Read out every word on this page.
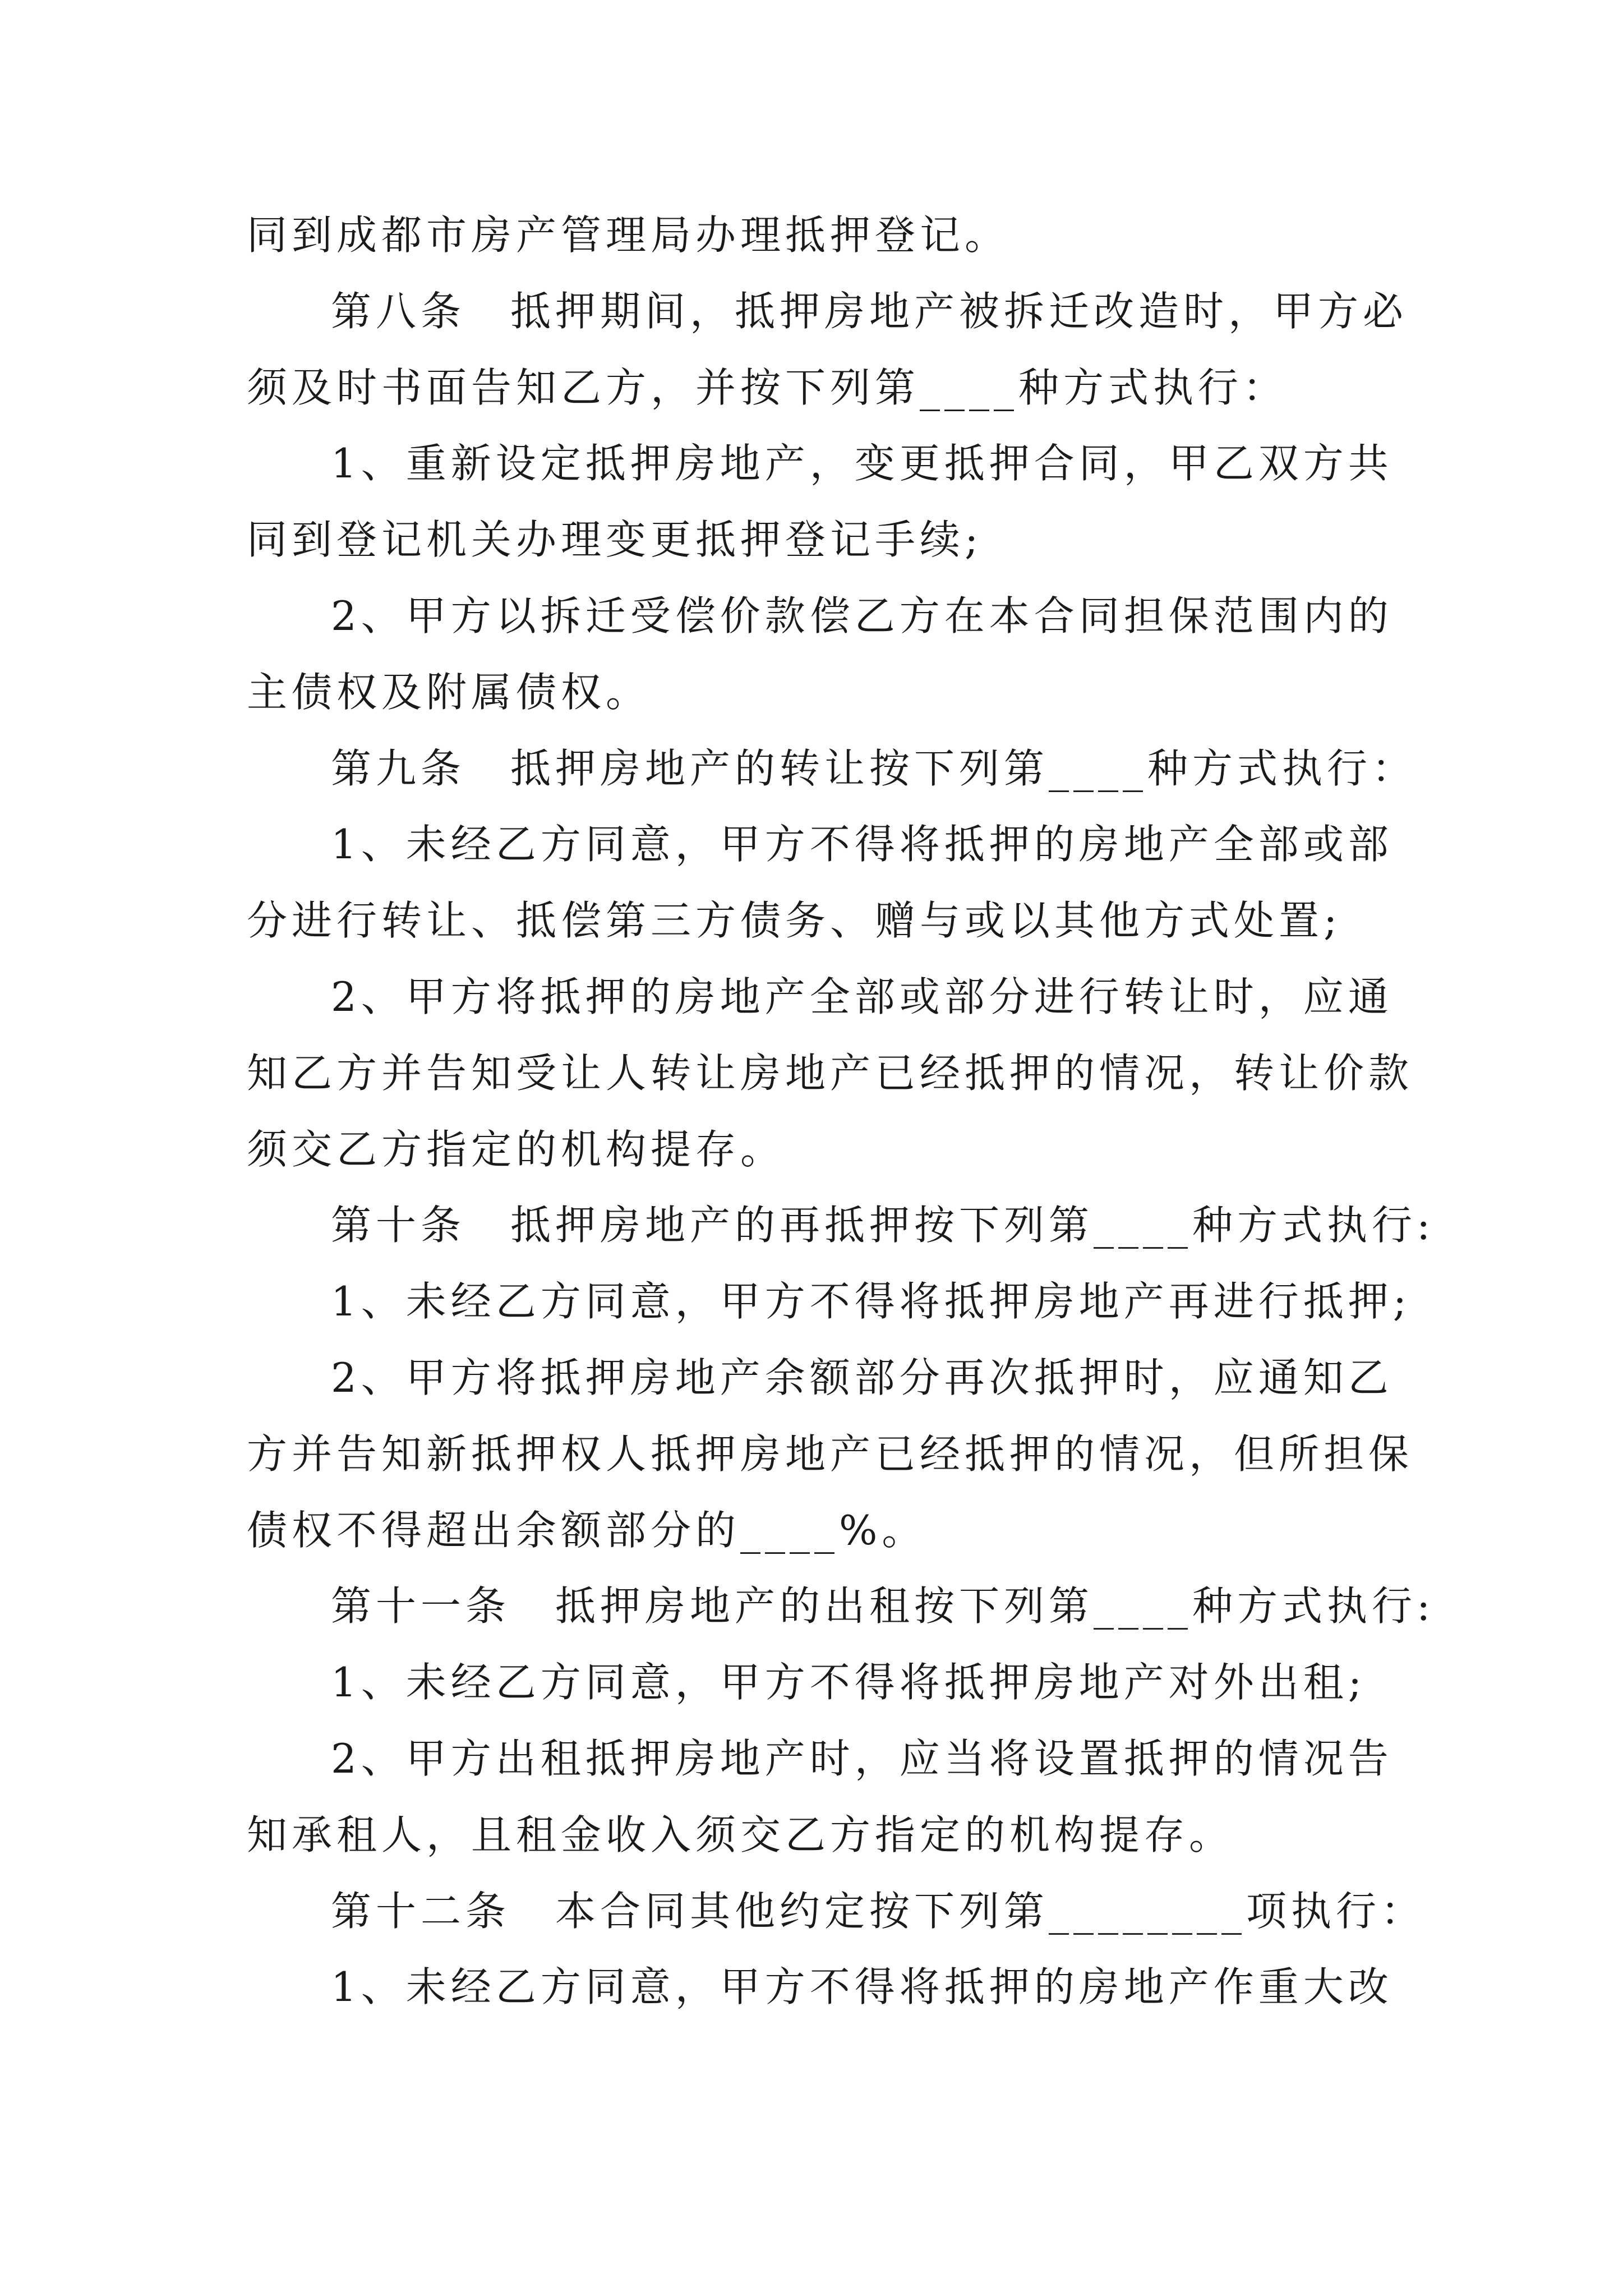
同到成都市房产管理局办理抵押登记。
第八条　抵押期间，抵押房地产被拆迁改造时，甲方必
须及时书面告知乙方，并按下列第____种方式执行：
1、重新设定抵押房地产，变更抵押合同，甲乙双方共
同到登记机关办理变更抵押登记手续;
2、甲方以拆迁受偿价款偿乙方在本合同担保范围内的
主债权及附属债权。
第九条　抵押房地产的转让按下列第____种方式执行：
1、未经乙方同意，甲方不得将抵押的房地产全部或部
分进行转让、抵偿第三方债务、赠与或以其他方式处置;
2、甲方将抵押的房地产全部或部分进行转让时，应通
知乙方并告知受让人转让房地产已经抵押的情况，转让价款
须交乙方指定的机构提存。
第十条　抵押房地产的再抵押按下列第____种方式执行:
1、未经乙方同意，甲方不得将抵押房地产再进行抵押;
2、甲方将抵押房地产余额部分再次抵押时，应通知乙
方并告知新抵押权人抵押房地产已经抵押的情况，但所担保
债权不得超出余额部分的____%。
第十一条　抵押房地产的出租按下列第____种方式执行:
1、未经乙方同意，甲方不得将抵押房地产对外出租;
2、甲方出租抵押房地产时，应当将设置抵押的情况告
知承租人，且租金收入须交乙方指定的机构提存。
第十二条　本合同其他约定按下列第________项执行：
1、未经乙方同意，甲方不得将抵押的房地产作重大改
